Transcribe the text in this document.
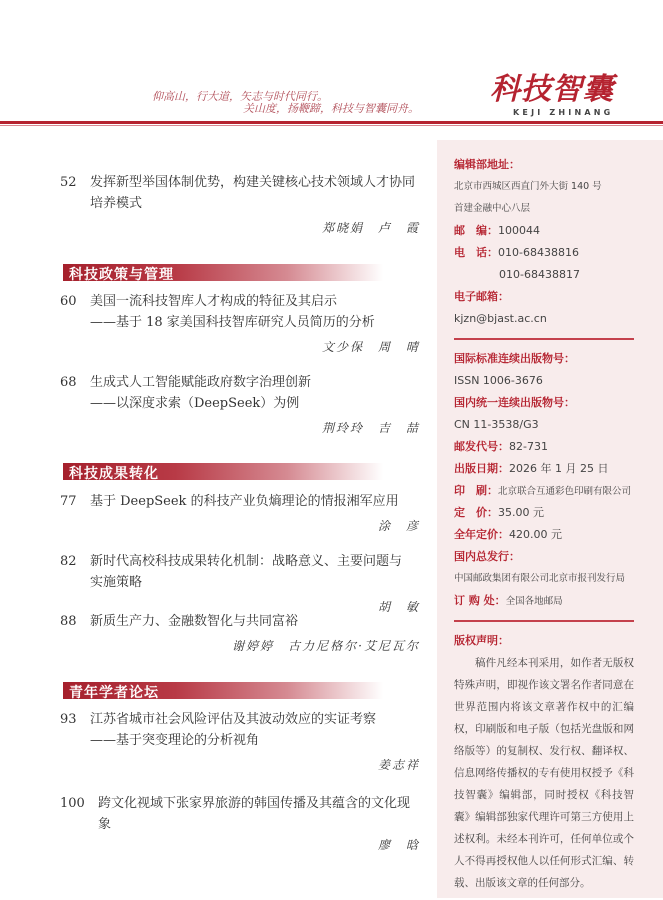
仰高山，行大道，矢志与时代同行。
关山度，扬鞭蹄，科技与智囊同舟。
科技智囊
KEJI ZHINANG
52 发挥新型举国体制优势，构建关键核心技术领域人才协同
培养模式
郑晓娟　卢　霞
科技政策与管理
60 美国一流科技智库人才构成的特征及其启示
——基于 18 家美国科技智库研究人员简历的分析
文少保　周　晴
68 生成式人工智能赋能政府数字治理创新
——以深度求索（DeepSeek）为例
荆玲玲　吉　喆
科技成果转化
77 基于 DeepSeek 的科技产业负熵理论的情报湘军应用
涂　彦
82 新时代高校科技成果转化机制：战略意义、主要问题与
实施策略
胡　敏
88 新质生产力、金融数智化与共同富裕
谢婷婷　古力尼格尔·艾尼瓦尔
青年学者论坛
93 江苏省城市社会风险评估及其波动效应的实证考察
——基于突变理论的分析视角
姜志祥
100 跨文化视域下张家界旅游的韩国传播及其蕴含的文化现象
廖　晗
编辑部地址：
北京市西城区西直门外大街 140 号
首建金融中心八层
邮　编：100044
电　话：010-68438816
010-68438817
电子邮箱：
kjzn@bjast.ac.cn
国际标准连续出版物号：
ISSN 1006-3676
国内统一连续出版物号：
CN 11-3538/G3
邮发代号：82-731
出版日期：2026 年 1 月 25 日
印　刷：北京联合互通彩色印刷有限公司
定　价：35.00 元
全年定价：420.00 元
国内总发行：
中国邮政集团有限公司北京市报刊发行局
订 购 处：全国各地邮局
版权声明：

稿件凡经本刊采用，如作者无版权特殊声明，即视作该文署名作者同意在世界范围内将该文章著作权中的汇编权，印刷版和电子版（包括光盘版和网络版等）的复制权、发行权、翻译权、信息网络传播权的专有使用权授予《科技智囊》编辑部，同时授权《科技智囊》编辑部独家代理许可第三方使用上述权利。未经本刊许可，任何单位或个人不得再授权他人以任何形式汇编、转载、出版该文章的任何部分。
